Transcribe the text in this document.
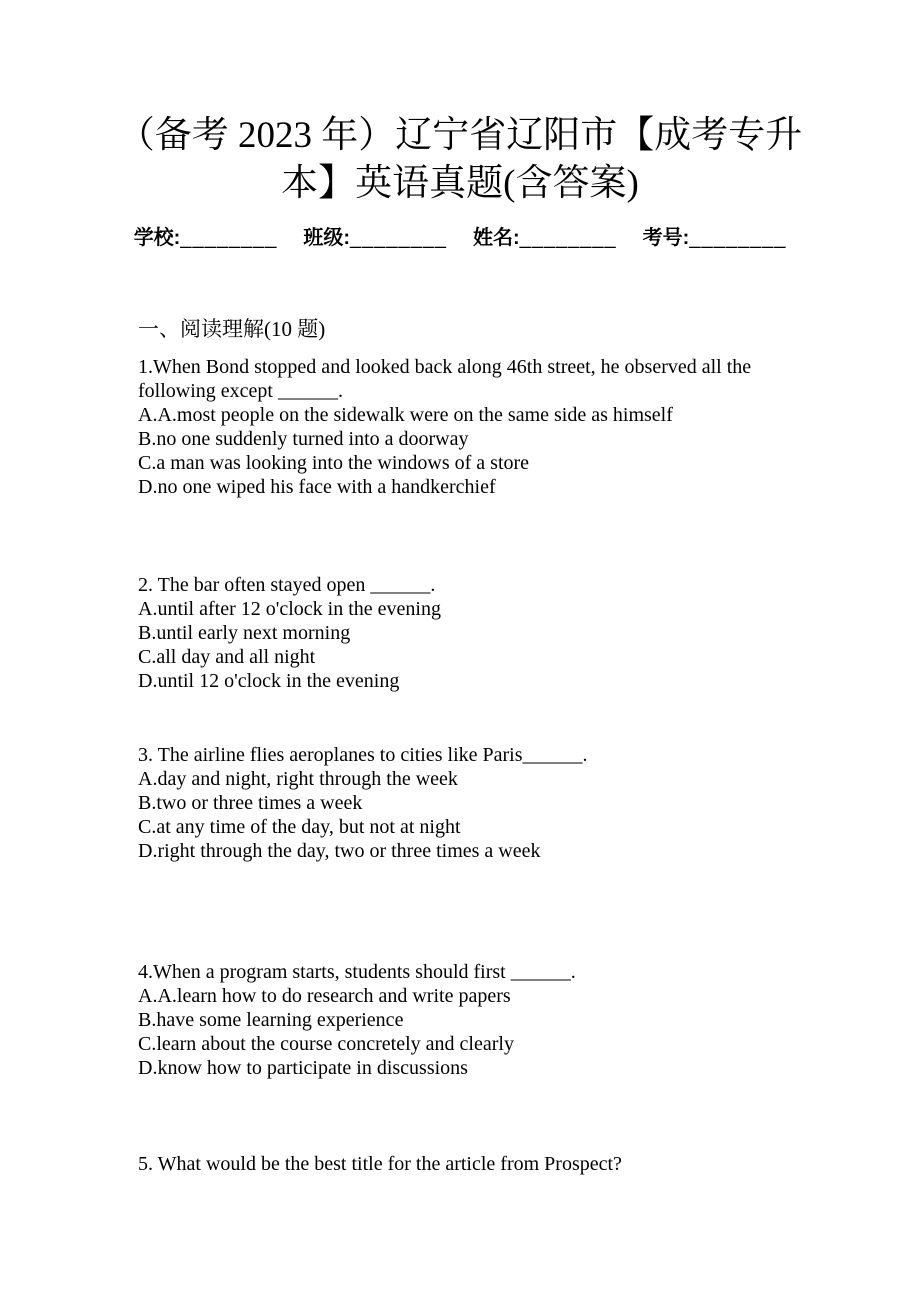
（备考 2023 年）辽宁省辽阳市【成考专升
本】英语真题(含答案)
学校: ________ 班级: ________ 姓名: ________ 考号: ________
一、阅读理解(10 题)
1.When Bond stopped and looked back along 46th street, he observed all the following except ______.
A.A.most people on the sidewalk were on the same side as himself
B.no one suddenly turned into a doorway
C.a man was looking into the windows of a store
D.no one wiped his face with a handkerchief
2. The bar often stayed open ______.
A.until after 12 o'clock in the evening
B.until early next morning
C.all day and all night
D.until 12 o'clock in the evening
3. The airline flies aeroplanes to cities like Paris______.
A.day and night, right through the week
B.two or three times a week
C.at any time of the day, but not at night
D.right through the day, two or three times a week
4.When a program starts, students should first ______.
A.A.learn how to do research and write papers
B.have some learning experience
C.learn about the course concretely and clearly
D.know how to participate in discussions
5. What would be the best title for the article from Prospect?
